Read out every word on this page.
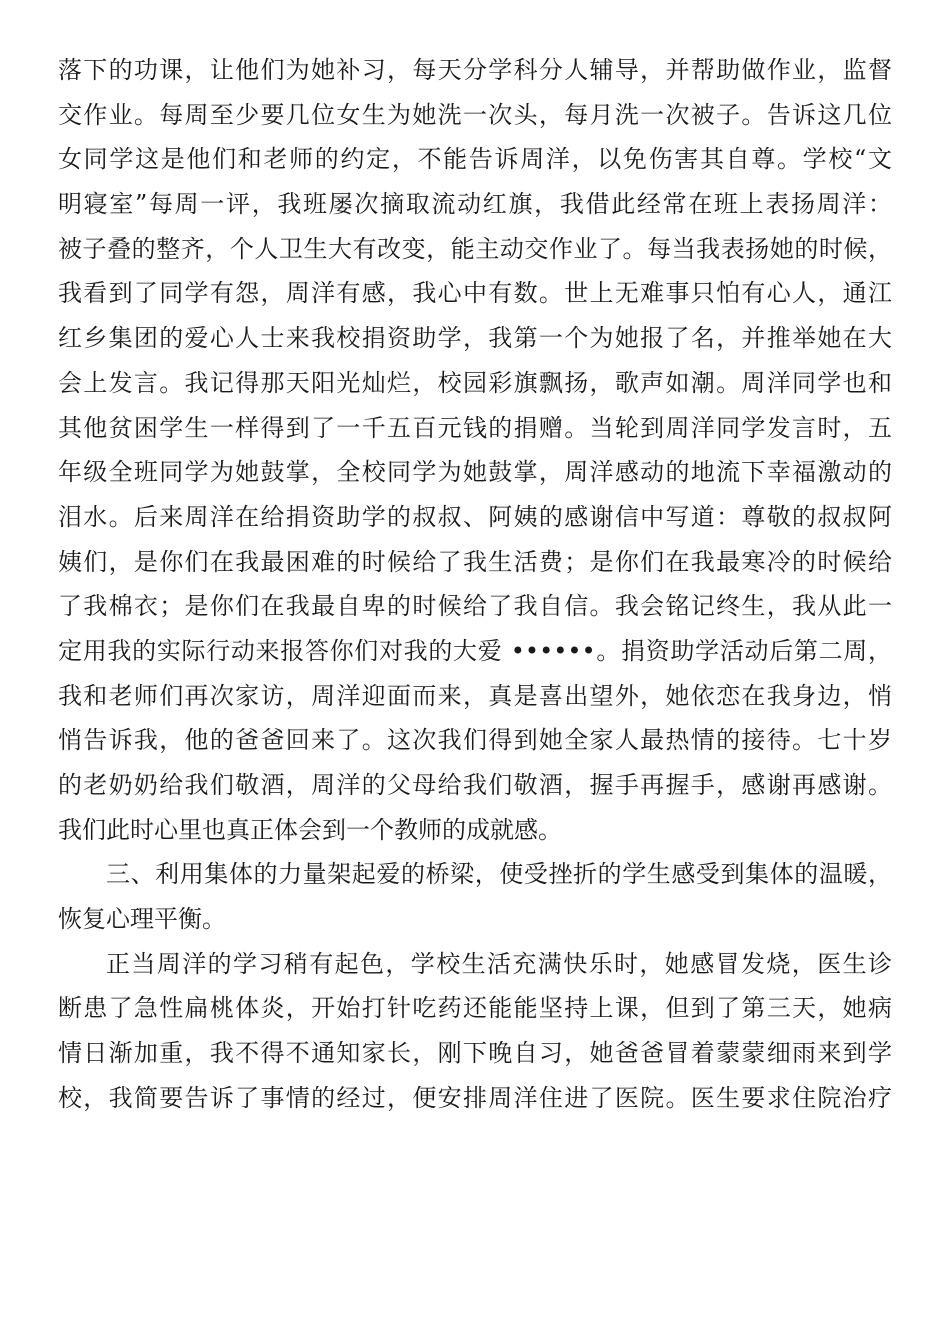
落下的功课，让他们为她补习，每天分学科分人辅导，并帮助做作业，监督
交作业。每周至少要几位女生为她洗一次头，每月洗一次被子。告诉这几位
女同学这是他们和老师的约定，不能告诉周洋，以免伤害其自尊。学校“文
明寝室”每周一评，我班屡次摘取流动红旗，我借此经常在班上表扬周洋：
被子叠的整齐，个人卫生大有改变，能主动交作业了。每当我表扬她的时候，
我看到了同学有怨，周洋有感，我心中有数。世上无难事只怕有心人，通江
红乡集团的爱心人士来我校捐资助学，我第一个为她报了名，并推举她在大
会上发言。我记得那天阳光灿烂，校园彩旗飘扬，歌声如潮。周洋同学也和
其他贫困学生一样得到了一千五百元钱的捐赠。当轮到周洋同学发言时，五
年级全班同学为她鼓掌，全校同学为她鼓掌，周洋感动的地流下幸福激动的
泪水。后来周洋在给捐资助学的叔叔、阿姨的感谢信中写道：尊敬的叔叔阿
姨们，是你们在我最困难的时候给了我生活费；是你们在我最寒冷的时候给
了我棉衣；是你们在我最自卑的时候给了我自信。我会铭记终生，我从此一
定用我的实际行动来报答你们对我的大爱 ••••••。捐资助学活动后第二周，
我和老师们再次家访，周洋迎面而来，真是喜出望外，她依恋在我身边，悄
悄告诉我，他的爸爸回来了。这次我们得到她全家人最热情的接待。七十岁
的老奶奶给我们敬酒，周洋的父母给我们敬酒，握手再握手，感谢再感谢。
我们此时心里也真正体会到一个教师的成就感。
三、利用集体的力量架起爱的桥梁，使受挫折的学生感受到集体的温暖，
恢复心理平衡。
正当周洋的学习稍有起色，学校生活充满快乐时，她感冒发烧，医生诊
断患了急性扁桃体炎，开始打针吃药还能能坚持上课，但到了第三天，她病
情日渐加重，我不得不通知家长，刚下晚自习，她爸爸冒着蒙蒙细雨来到学
校，我简要告诉了事情的经过，便安排周洋住进了医院。医生要求住院治疗
